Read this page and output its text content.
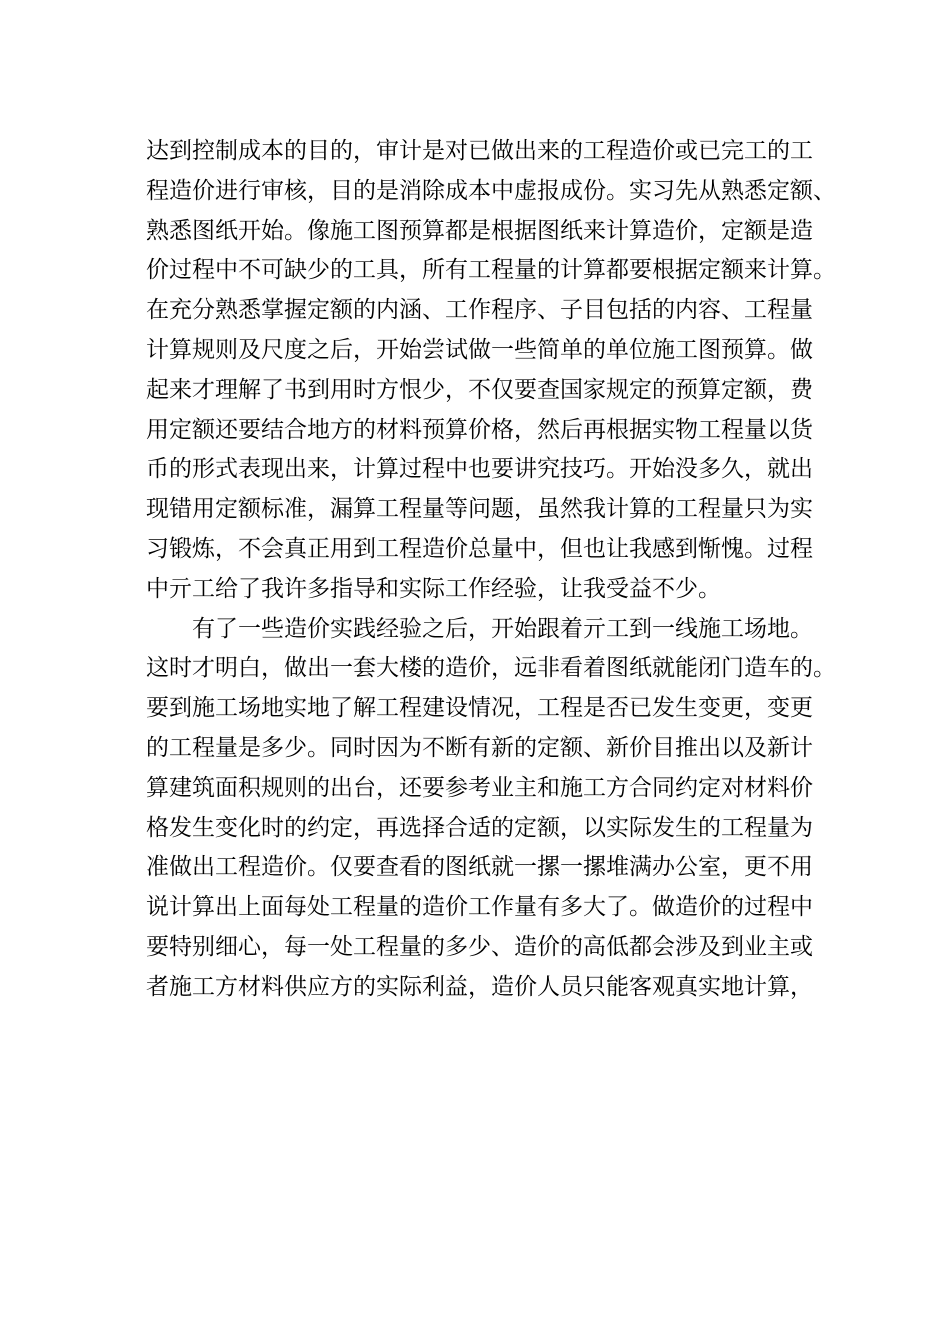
达到控制成本的目的，审计是对已做出来的工程造价或已完工的工
程造价进行审核，目的是消除成本中虚报成份。实习先从熟悉定额、
熟悉图纸开始。像施工图预算都是根据图纸来计算造价，定额是造
价过程中不可缺少的工具，所有工程量的计算都要根据定额来计算。
在充分熟悉掌握定额的内涵、工作程序、子目包括的内容、工程量
计算规则及尺度之后，开始尝试做一些简单的单位施工图预算。做
起来才理解了书到用时方恨少，不仅要查国家规定的预算定额，费
用定额还要结合地方的材料预算价格，然后再根据实物工程量以货
币的形式表现出来，计算过程中也要讲究技巧。开始没多久，就出
现错用定额标准，漏算工程量等问题，虽然我计算的工程量只为实
习锻炼，不会真正用到工程造价总量中，但也让我感到惭愧。过程
中亓工给了我许多指导和实际工作经验，让我受益不少。
有了一些造价实践经验之后，开始跟着亓工到一线施工场地。
这时才明白，做出一套大楼的造价，远非看着图纸就能闭门造车的。
要到施工场地实地了解工程建设情况，工程是否已发生变更，变更
的工程量是多少。同时因为不断有新的定额、新价目推出以及新计
算建筑面积规则的出台，还要参考业主和施工方合同约定对材料价
格发生变化时的约定，再选择合适的定额，以实际发生的工程量为
准做出工程造价。仅要查看的图纸就一摞一摞堆满办公室，更不用
说计算出上面每处工程量的造价工作量有多大了。做造价的过程中
要特别细心，每一处工程量的多少、造价的高低都会涉及到业主或
者施工方材料供应方的实际利益，造价人员只能客观真实地计算，
